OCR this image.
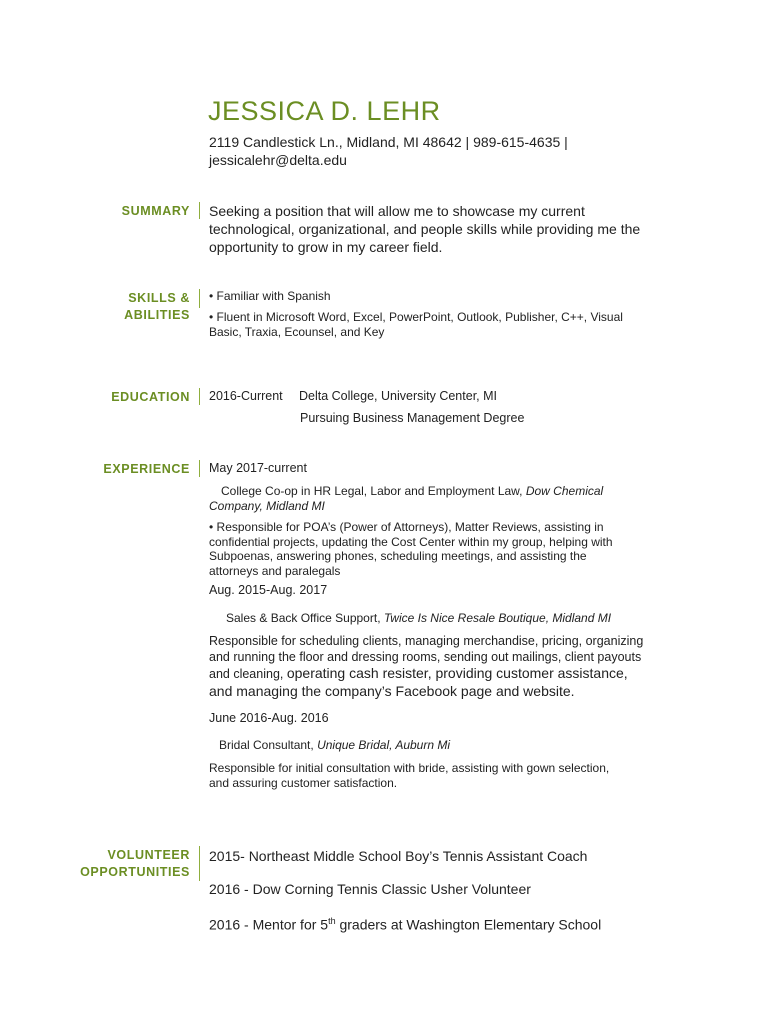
JESSICA D. LEHR
2119 Candlestick Ln., Midland, MI 48642 | 989-615-4635 |
jessicalehr@delta.edu
SUMMARY Seeking a position that will allow me to showcase my current technological, organizational, and people skills while providing me the opportunity to grow in my career field.
SKILLS &
ABILITIES
• Familiar with Spanish
• Fluent in Microsoft Word, Excel, PowerPoint, Outlook, Publisher, C++, Visual Basic, Traxia, Ecounsel, and Key
EDUCATION 2016-Current Delta College, University Center, MI
Pursuing Business Management Degree
EXPERIENCE May 2017-current
College Co-op in HR Legal, Labor and Employment Law, Dow Chemical Company, Midland MI
• Responsible for POA’s (Power of Attorneys), Matter Reviews, assisting in confidential projects, updating the Cost Center within my group, helping with Subpoenas, answering phones, scheduling meetings, and assisting the attorneys and paralegals
Aug. 2015-Aug. 2017
Sales & Back Office Support, Twice Is Nice Resale Boutique, Midland MI
Responsible for scheduling clients, managing merchandise, pricing, organizing and running the floor and dressing rooms, sending out mailings, client payouts and cleaning, operating cash resister, providing customer assistance, and managing the company’s Facebook page and website.
June 2016-Aug. 2016
Bridal Consultant, Unique Bridal, Auburn Mi
Responsible for initial consultation with bride, assisting with gown selection, and assuring customer satisfaction.
VOLUNTEER
OPPORTUNITIES
2015- Northeast Middle School Boy’s Tennis Assistant Coach
2016 - Dow Corning Tennis Classic Usher Volunteer
2016 - Mentor for 5th graders at Washington Elementary School
